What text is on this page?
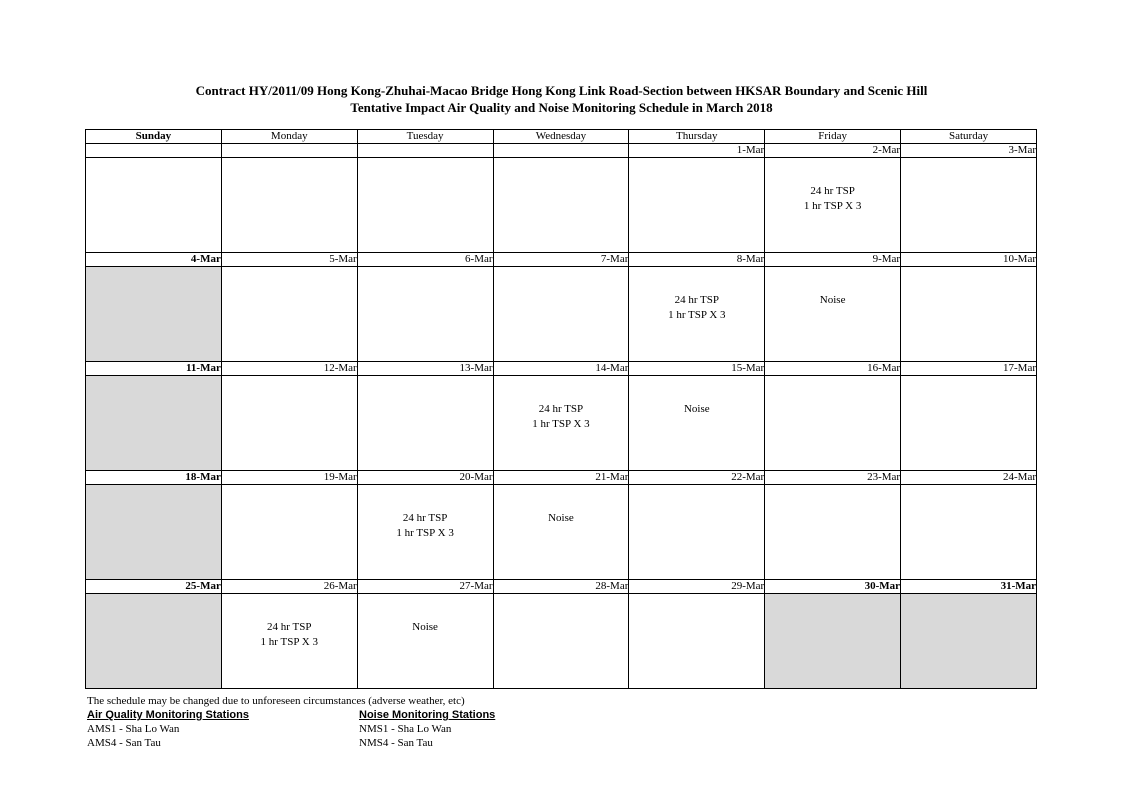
Contract HY/2011/09 Hong Kong-Zhuhai-Macao Bridge Hong Kong Link Road-Section between HKSAR Boundary and Scenic Hill
Tentative Impact Air Quality and Noise Monitoring Schedule in March 2018
Sunday	Monday	Tuesday	Wednesday	Thursday	Friday	Saturday
				1-Mar	2-Mar	3-Mar

					24 hr TSP
1 hr TSP X 3	

4-Mar	5-Mar	6-Mar	7-Mar	8-Mar	9-Mar	10-Mar

				24 hr TSP
1 hr TSP X 3	Noise	

11-Mar	12-Mar	13-Mar	14-Mar	15-Mar	16-Mar	17-Mar

			24 hr TSP
1 hr TSP X 3	Noise		

18-Mar	19-Mar	20-Mar	21-Mar	22-Mar	23-Mar	24-Mar

		24 hr TSP
1 hr TSP X 3	Noise			

25-Mar	26-Mar	27-Mar	28-Mar	29-Mar	30-Mar	31-Mar

	24 hr TSP
1 hr TSP X 3	Noise				

The schedule may be changed due to unforeseen circumstances (adverse weather, etc)
Air Quality Monitoring Stations
AMS1 - Sha Lo Wan
AMS4 - San Tau
Noise Monitoring Stations
NMS1 - Sha Lo Wan
NMS4 - San Tau
